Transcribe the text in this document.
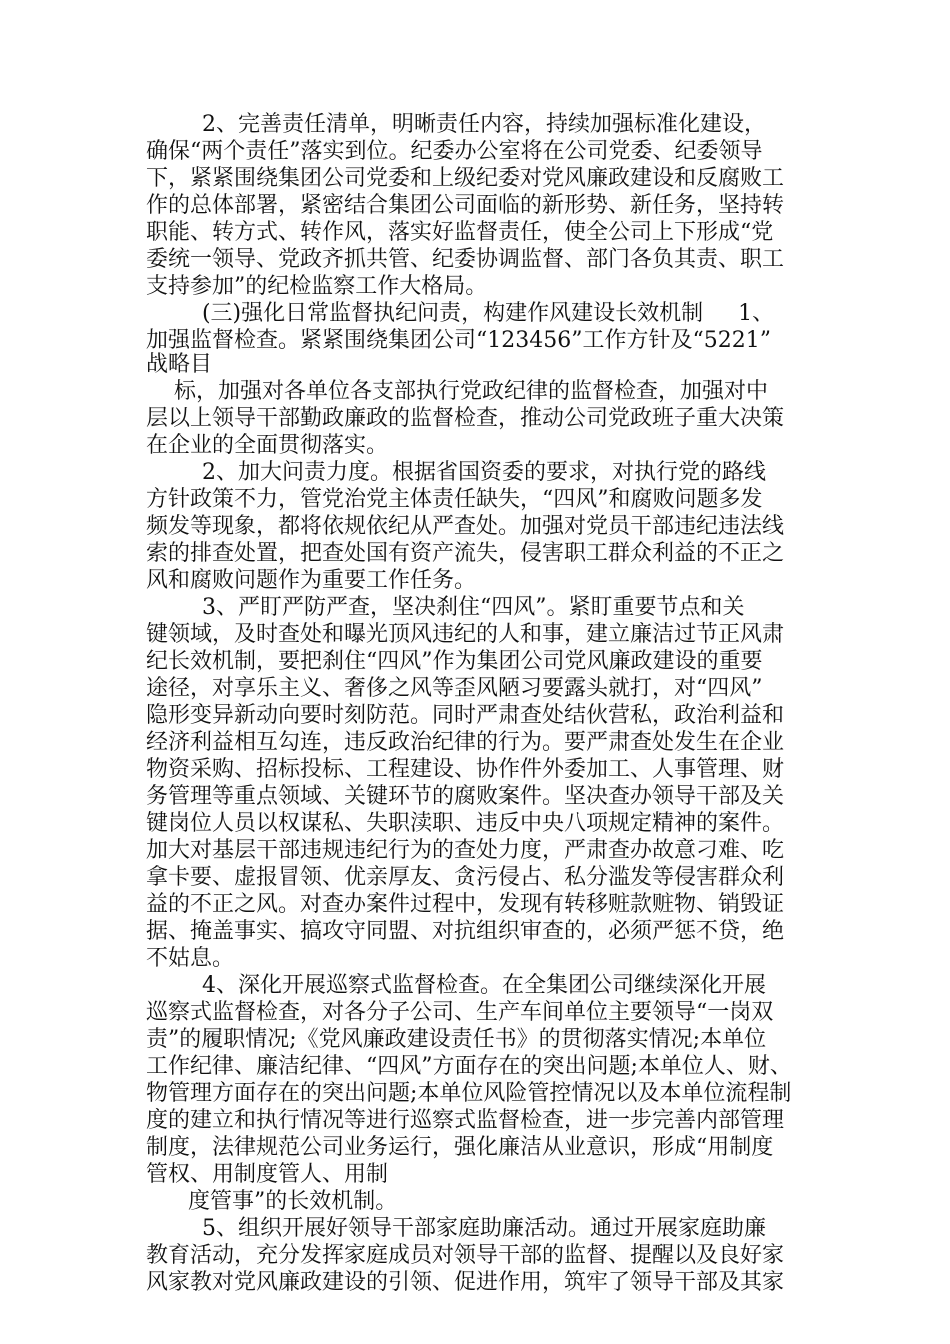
2、完善责任清单，明晰责任内容，持续加强标准化建设，
确保“两个责任”落实到位。纪委办公室将在公司党委、纪委领导
下，紧紧围绕集团公司党委和上级纪委对党风廉政建设和反腐败工
作的总体部署，紧密结合集团公司面临的新形势、新任务，坚持转
职能、转方式、转作风，落实好监督责任，使全公司上下形成“党
委统一领导、党政齐抓共管、纪委协调监督、部门各负其责、职工
支持参加”的纪检监察工作大格局。
(三)强化日常监督执纪问责，构建作风建设长效机制     1、
加强监督检查。紧紧围绕集团公司“123456”工作方针及“5221”
战略目
标，加强对各单位各支部执行党政纪律的监督检查，加强对中
层以上领导干部勤政廉政的监督检查，推动公司党政班子重大决策
在企业的全面贯彻落实。
2、加大问责力度。根据省国资委的要求，对执行党的路线
方针政策不力，管党治党主体责任缺失，“四风”和腐败问题多发
频发等现象，都将依规依纪从严查处。加强对党员干部违纪违法线
索的排查处置，把查处国有资产流失，侵害职工群众利益的不正之
风和腐败问题作为重要工作任务。
3、严盯严防严查，坚决刹住“四风”。紧盯重要节点和关
键领域，及时查处和曝光顶风违纪的人和事，建立廉洁过节正风肃
纪长效机制，要把刹住“四风”作为集团公司党风廉政建设的重要
途径，对享乐主义、奢侈之风等歪风陋习要露头就打，对“四风”
隐形变异新动向要时刻防范。同时严肃查处结伙营私，政治利益和
经济利益相互勾连，违反政治纪律的行为。要严肃查处发生在企业
物资采购、招标投标、工程建设、协作件外委加工、人事管理、财
务管理等重点领域、关键环节的腐败案件。坚决查办领导干部及关
键岗位人员以权谋私、失职渎职、违反中央八项规定精神的案件。
加大对基层干部违规违纪行为的查处力度，严肃查办故意刁难、吃
拿卡要、虚报冒领、优亲厚友、贪污侵占、私分滥发等侵害群众利
益的不正之风。对查办案件过程中，发现有转移赃款赃物、销毁证
据、掩盖事实、搞攻守同盟、对抗组织审查的，必须严惩不贷，绝
不姑息。
4、深化开展巡察式监督检查。在全集团公司继续深化开展
巡察式监督检查，对各分子公司、生产车间单位主要领导“一岗双
责”的履职情况;《党风廉政建设责任书》的贯彻落实情况;本单位
工作纪律、廉洁纪律、“四风”方面存在的突出问题;本单位人、财、
物管理方面存在的突出问题;本单位风险管控情况以及本单位流程制
度的建立和执行情况等进行巡察式监督检查，进一步完善内部管理
制度，法律规范公司业务运行，强化廉洁从业意识，形成“用制度
管权、用制度管人、用制
度管事”的长效机制。
5、组织开展好领导干部家庭助廉活动。通过开展家庭助廉
教育活动，充分发挥家庭成员对领导干部的监督、提醒以及良好家
风家教对党风廉政建设的引领、促进作用，筑牢了领导干部及其家
